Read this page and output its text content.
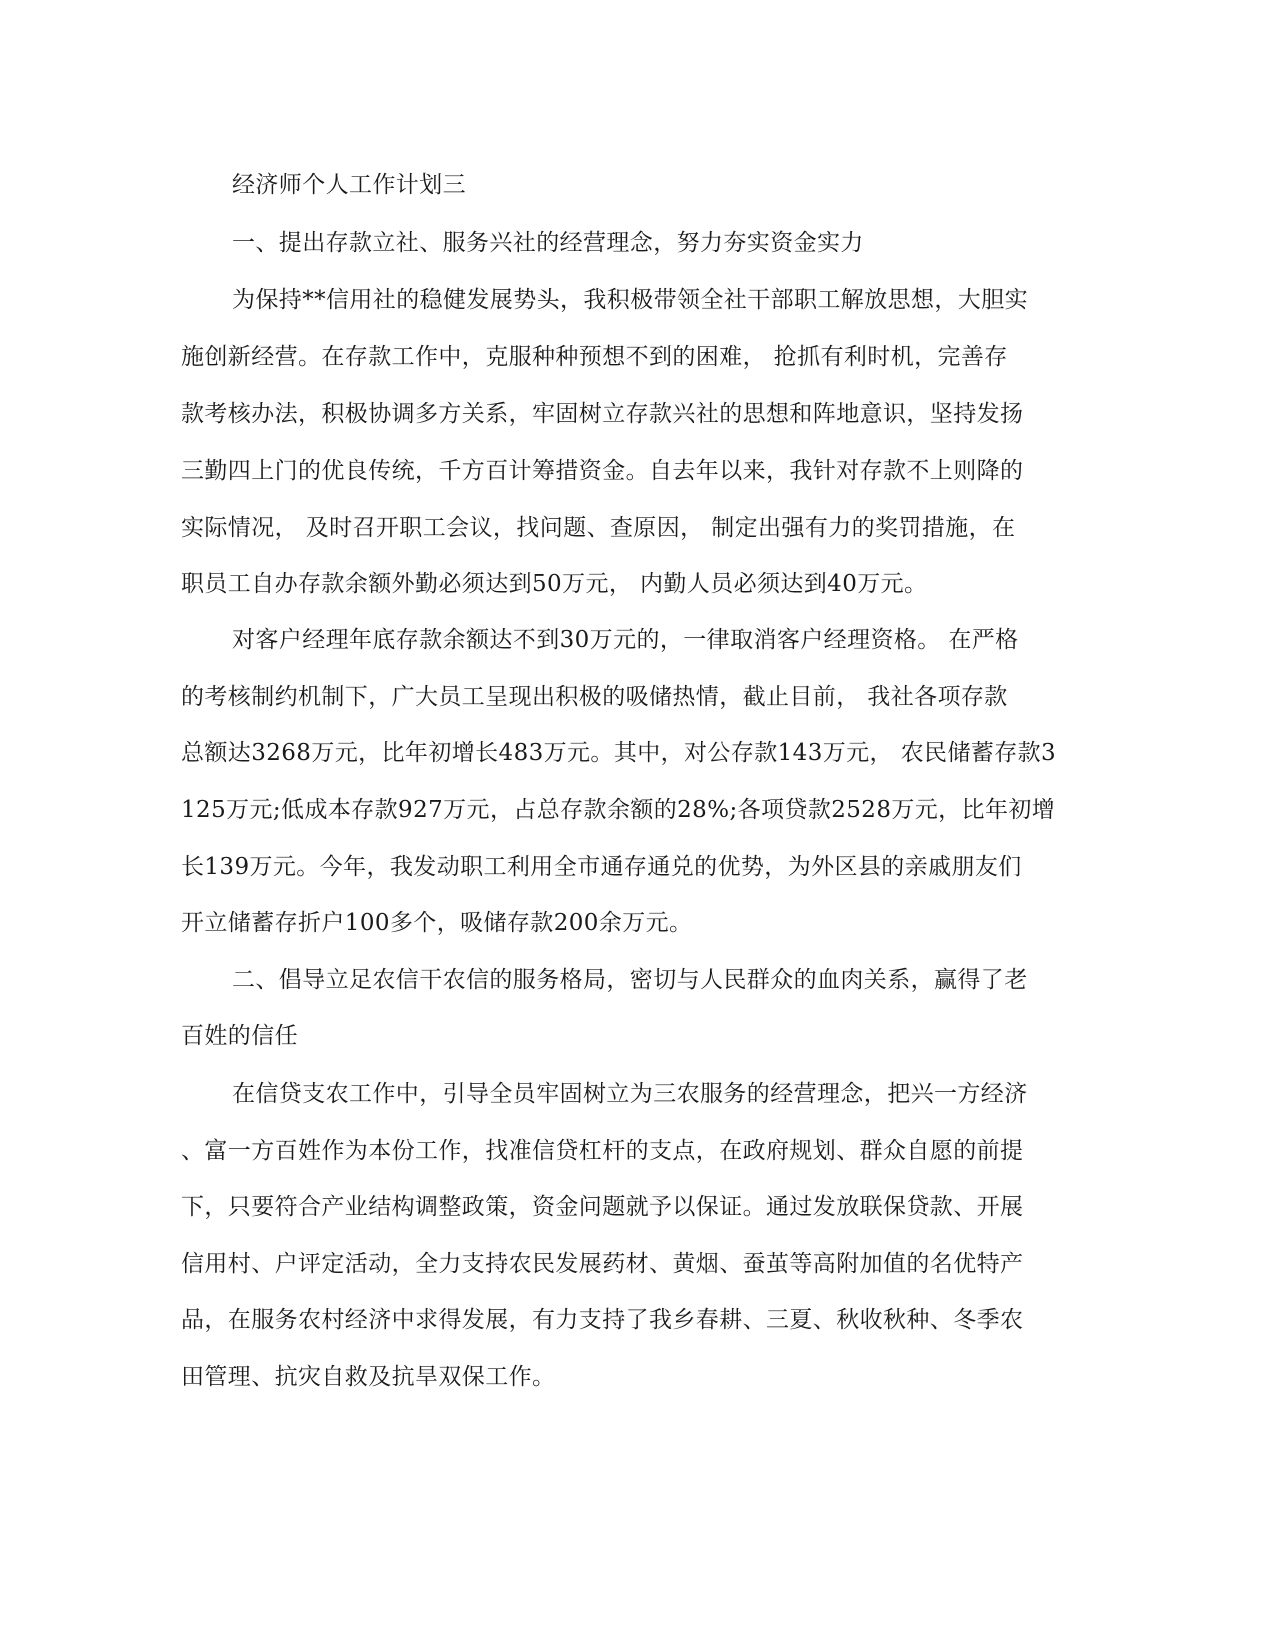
经济师个人工作计划三
一、提出存款立社、服务兴社的经营理念，努力夯实资金实力
为保持**信用社的稳健发展势头，我积极带领全社干部职工解放思想，大胆实
施创新经营。在存款工作中，克服种种预想不到的困难， 抢抓有利时机，完善存
款考核办法，积极协调多方关系，牢固树立存款兴社的思想和阵地意识，坚持发扬
三勤四上门的优良传统，千方百计筹措资金。自去年以来，我针对存款不上则降的
实际情况， 及时召开职工会议，找问题、查原因， 制定出强有力的奖罚措施，在
职员工自办存款余额外勤必须达到50万元， 内勤人员必须达到40万元。
对客户经理年底存款余额达不到30万元的，一律取消客户经理资格。 在严格
的考核制约机制下，广大员工呈现出积极的吸储热情，截止目前， 我社各项存款
总额达3268万元，比年初增长483万元。其中，对公存款143万元， 农民储蓄存款3
125万元;低成本存款927万元，占总存款余额的28%;各项贷款2528万元，比年初增
长139万元。今年，我发动职工利用全市通存通兑的优势，为外区县的亲戚朋友们
开立储蓄存折户100多个，吸储存款200余万元。
二、倡导立足农信干农信的服务格局，密切与人民群众的血肉关系，赢得了老
百姓的信任
在信贷支农工作中，引导全员牢固树立为三农服务的经营理念，把兴一方经济
、富一方百姓作为本份工作，找准信贷杠杆的支点，在政府规划、群众自愿的前提
下，只要符合产业结构调整政策，资金问题就予以保证。通过发放联保贷款、开展
信用村、户评定活动，全力支持农民发展药材、黄烟、蚕茧等高附加值的名优特产
品，在服务农村经济中求得发展，有力支持了我乡春耕、三夏、秋收秋种、冬季农
田管理、抗灾自救及抗旱双保工作。
